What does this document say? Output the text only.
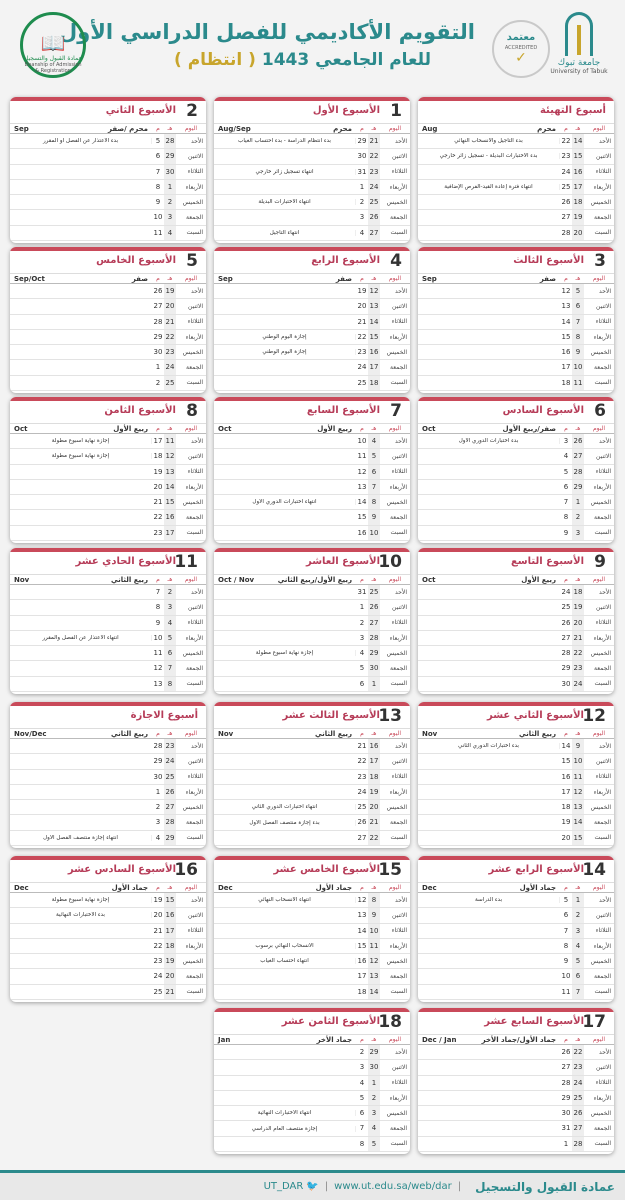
جامعة تبوك
University of Tabuk
معتمد
ACCREDITED
✓
التقويم الأكاديمي للفصل الدراسي الأول
للعام الجامعي 1443 ( انتظام )
📖
عمادة القبول والتسجيل
Deanship of Admission & Registration
أسبوع التهيئة
اليوم
هـ
م
محرم
Aug
الأحد
14
22
بدء التأجيل والانسحاب النهائي
الاثنين
15
23
بدء الاختبارات البديلة - تسجيل زائر خارجي
الثلاثاء
16
24
الأربعاء
17
25
انتهاء فترة إعادة القيد-الفرص الإضافية
الخميس
18
26
الجمعة
19
27
السبت
20
28
1
الأسبوع الأول
اليوم
هـ
م
محرم
Aug/Sep
الأحد
21
29
بدء انتظام الدراسة - بدء احتساب الغياب
الاثنين
22
30
الثلاثاء
23
31
انتهاء تسجيل زائر خارجي
الأربعاء
24
1
الخميس
25
2
انتهاء الاختبارات البديلة
الجمعة
26
3
السبت
27
4
انتهاء التأجيل
2
الأسبوع الثاني
اليوم
هـ
م
محرم /صفر
Sep
الأحد
28
5
بدء الاعتذار عن الفصل أو المقرر
الاثنين
29
6
الثلاثاء
30
7
الأربعاء
1
8
الخميس
2
9
الجمعة
3
10
السبت
4
11
3
الأسبوع الثالث
اليوم
هـ
م
صفر
Sep
الأحد
5
12
الاثنين
6
13
الثلاثاء
7
14
الأربعاء
8
15
الخميس
9
16
الجمعة
10
17
السبت
11
18
4
الأسبوع الرابع
اليوم
هـ
م
صفر
Sep
الأحد
12
19
الاثنين
13
20
الثلاثاء
14
21
الأربعاء
15
22
إجازة اليوم الوطني
الخميس
16
23
إجازة اليوم الوطني
الجمعة
17
24
السبت
18
25
5
الأسبوع الخامس
اليوم
هـ
م
صفر
Sep/Oct
الأحد
19
26
الاثنين
20
27
الثلاثاء
21
28
الأربعاء
22
29
الخميس
23
30
الجمعة
24
1
السبت
25
2
6
الأسبوع السادس
اليوم
هـ
م
صفر/ربيع الأول
Oct
الأحد
26
3
بدء اختبارات الدوري الأول
الاثنين
27
4
الثلاثاء
28
5
الأربعاء
29
6
الخميس
1
7
الجمعة
2
8
السبت
3
9
7
الأسبوع السابع
اليوم
هـ
م
ربيع الأول
Oct
الأحد
4
10
الاثنين
5
11
الثلاثاء
6
12
الأربعاء
7
13
الخميس
8
14
انتهاء اختبارات الدوري الأول
الجمعة
9
15
السبت
10
16
8
الأسبوع الثامن
اليوم
هـ
م
ربيع الأول
Oct
الأحد
11
17
إجازة نهاية أسبوع مطولة
الاثنين
12
18
إجازة نهاية أسبوع مطولة
الثلاثاء
13
19
الأربعاء
14
20
الخميس
15
21
الجمعة
16
22
السبت
17
23
9
الأسبوع التاسع
اليوم
هـ
م
ربيع الأول
Oct
الأحد
18
24
الاثنين
19
25
الثلاثاء
20
26
الأربعاء
21
27
الخميس
22
28
الجمعة
23
29
السبت
24
30
10
الأسبوع العاشر
اليوم
هـ
م
ربيع الأول/ربيع الثاني
Oct / Nov
الأحد
25
31
الاثنين
26
1
الثلاثاء
27
2
الأربعاء
28
3
الخميس
29
4
إجازة نهاية أسبوع مطولة
الجمعة
30
5
السبت
1
6
11
الأسبوع الحادي عشر
اليوم
هـ
م
ربيع الثاني
Nov
الأحد
2
7
الاثنين
3
8
الثلاثاء
4
9
الأربعاء
5
10
انتهاء الاعتذار عن الفصل والمقرر
الخميس
6
11
الجمعة
7
12
السبت
8
13
12
الأسبوع الثاني عشر
اليوم
هـ
م
ربيع الثاني
Nov
الأحد
9
14
بدء اختبارات الدوري الثاني
الاثنين
10
15
الثلاثاء
11
16
الأربعاء
12
17
الخميس
13
18
الجمعة
14
19
السبت
15
20
13
الأسبوع الثالث عشر
اليوم
هـ
م
ربيع الثاني
Nov
الأحد
16
21
الاثنين
17
22
الثلاثاء
18
23
الأربعاء
19
24
الخميس
20
25
انتهاء اختبارات الدوري الثاني
الجمعة
21
26
بدء إجازة منتصف الفصل الأول
السبت
22
27
أسبوع الاجازة
اليوم
هـ
م
ربيع الثاني
Nov/Dec
الأحد
23
28
الاثنين
24
29
الثلاثاء
25
30
الأربعاء
26
1
الخميس
27
2
الجمعة
28
3
السبت
29
4
انتهاء إجازة منتصف الفصل الأول
14
الأسبوع الرابع عشر
اليوم
هـ
م
جماد الأول
Dec
الأحد
1
5
بدء الدراسة
الاثنين
2
6
الثلاثاء
3
7
الأربعاء
4
8
الخميس
5
9
الجمعة
6
10
السبت
7
11
15
الأسبوع الخامس عشر
اليوم
هـ
م
جماد الأول
Dec
الأحد
8
12
انتهاء الانسحاب النهائي
الاثنين
9
13
الثلاثاء
10
14
الأربعاء
11
15
الانسحاب النهائي برسوب
الخميس
12
16
انتهاء احتساب الغياب
الجمعة
13
17
السبت
14
18
16
الأسبوع السادس عشر
اليوم
هـ
م
جماد الأول
Dec
الأحد
15
19
إجازة نهاية أسبوع مطولة
الاثنين
16
20
بدء الاختبارات النهائية
الثلاثاء
17
21
الأربعاء
18
22
الخميس
19
23
الجمعة
20
24
السبت
21
25
17
الأسبوع السابع عشر
اليوم
هـ
م
جماد الأول/جماد الأخر
Dec / Jan
الأحد
22
26
الاثنين
23
27
الثلاثاء
24
28
الأربعاء
25
29
الخميس
26
30
الجمعة
27
31
السبت
28
1
18
الأسبوع الثامن عشر
اليوم
هـ
م
جماد الأخر
Jan
الأحد
29
2
الاثنين
30
3
الثلاثاء
1
4
الأربعاء
2
5
الخميس
3
6
انتهاء الاختبارات النهائية
الجمعة
4
7
إجازة منتصف العام الدراسي
السبت
5
8
عمادة القبول والتسجيل
|
www.ut.edu.sa/web/dar
|
🐦
UT_DAR
